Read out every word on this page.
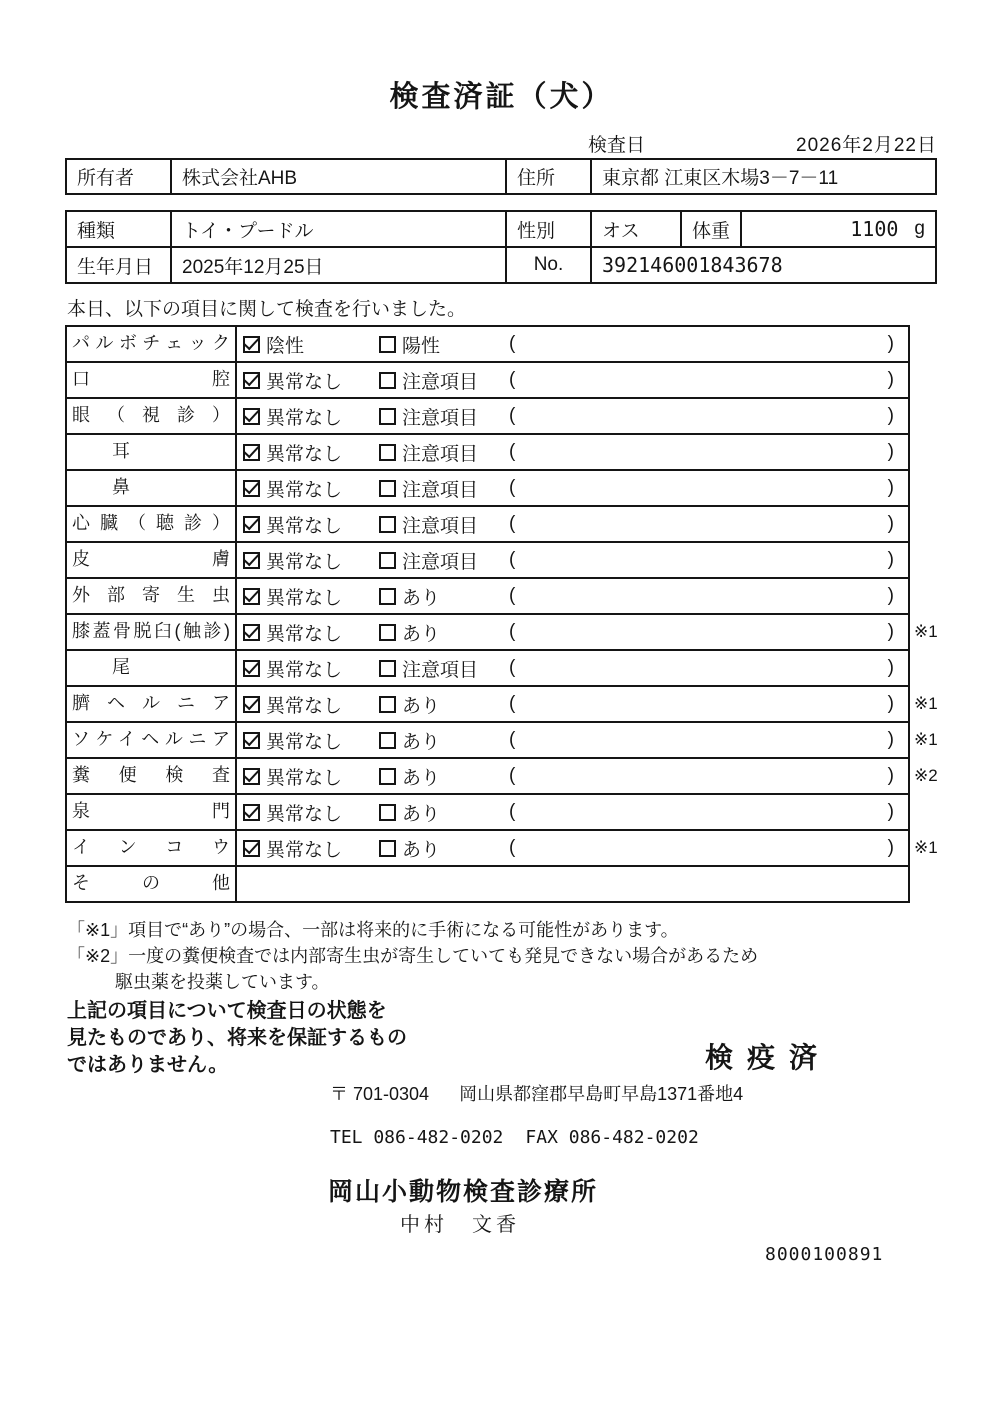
検査済証（犬）
検査日	2026年2月22日
所有者	株式会社AHB	住所	東京都 江東区木場3－7－11
種類	トイ・プードル	性別	オス	体重	1100 g
生年月日	2025年12月25日	No.	392146001843678
本日、以下の項目に関して検査を行いました。
パルボチェック	陰性	陽性	(	)
口腔	異常なし	注意項目 (	)
眼（視診）	異常なし	注意項目 (	)
耳	異常なし	注意項目 (	)
鼻	異常なし	注意項目 (	)
心臓（聴診）	異常なし	注意項目 (	)
皮膚	異常なし	注意項目 (	)
外部寄生虫	異常なし	あり	(	)
膝蓋骨脱臼(触診)	異常なし	あり	(	) ※1
尾	異常なし	注意項目 (	)
臍ヘルニア	異常なし	あり	(	) ※1
ソケイヘルニア	異常なし	あり	(	) ※1
糞便検査	異常なし	あり	(	) ※2
泉門	異常なし	あり	(	)
インコウ	異常なし	あり	(	) ※1
その他
「※1」項目で“あり”の場合、一部は将来的に手術になる可能性があります。
「※2」一度の糞便検査では内部寄生虫が寄生していても発見できない場合があるため
駆虫薬を投薬しています。
上記の項目について検査日の状態を
見たものであり、将来を保証するもの
ではありません。	検疫済
〒 701-0304 岡山県都窪郡早島町早島1371番地4
TEL 086-482-0202 FAX 086-482-0202
岡山小動物検査診療所
中村　文香
8000100891
